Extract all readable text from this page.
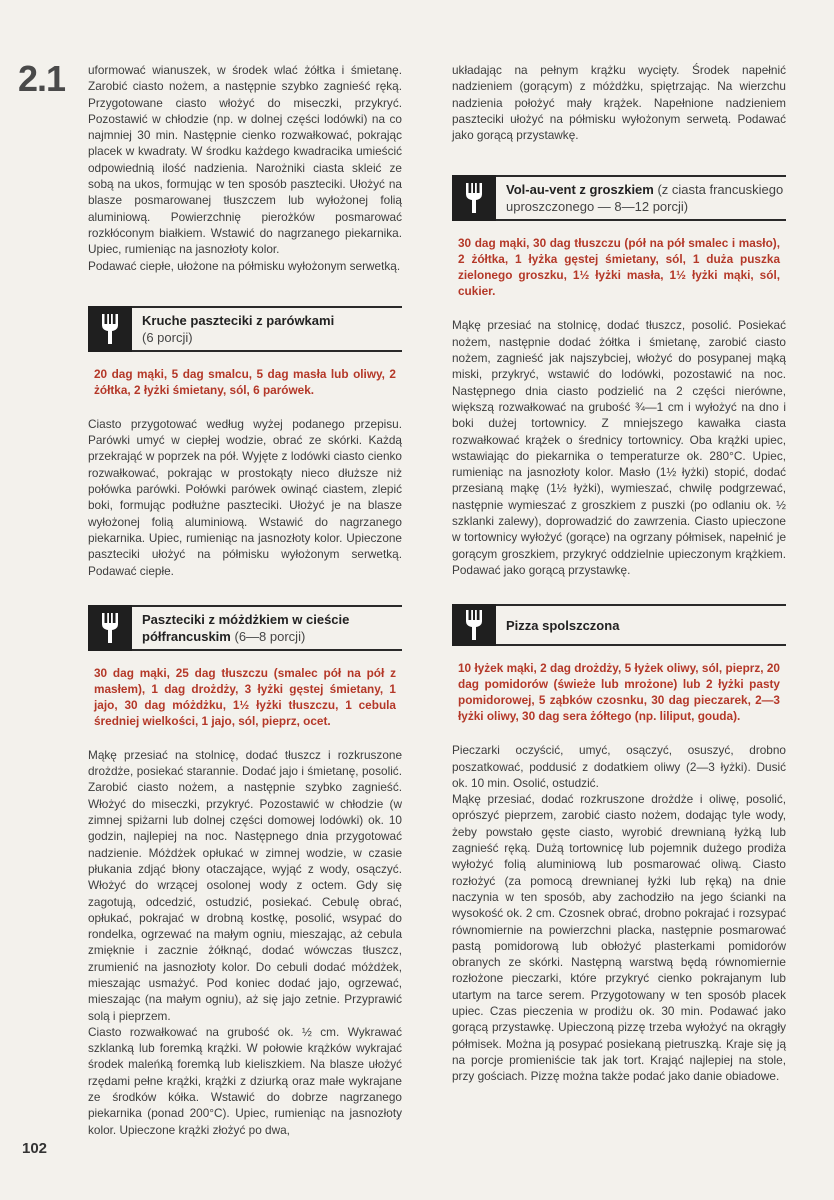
2.1
102

uformować wianuszek, w środek wlać żółtka i śmietanę. Zarobić ciasto nożem, a następnie szybko zagnieść ręką. Przygotowane ciasto włożyć do miseczki, przykryć. Pozostawić w chłodzie (np. w dolnej części lodówki) na co najmniej 30 min. Następnie cienko rozwałkować, pokrając placek w kwadraty. W środku każdego kwadracika umieścić odpowiednią ilość nadzienia. Narożniki ciasta skleić ze sobą na ukos, formując w ten sposób paszteciki. Ułożyć na blasze posmarowanej tłuszczem lub wyłożonej folią aluminiową. Powierzchnię pierożków posmarować rozkłóconym białkiem. Wstawić do nagrzanego piekarnika. Upiec, rumieniąc na jasnozłoty kolor.

Podawać ciepłe, ułożone na półmisku wyłożonym serwetką.

Kruche paszteciki z parówkami
(6 porcji)

20 dag mąki, 5 dag smalcu, 5 dag masła lub oliwy, 2 żółtka, 2 łyżki śmietany, sól, 6 parówek.

Ciasto przygotować według wyżej podanego przepisu. Parówki umyć w ciepłej wodzie, obrać ze skórki. Każdą przekrająć w poprzek na pół. Wyjęte z lodówki ciasto cienko rozwałkować, pokrając w prostokąty nieco dłuższe niż połówka parówki. Połówki parówek owinąć ciastem, zlepić boki, formując podłużne paszteciki. Ułożyć je na blasze wyłożonej folią aluminiową. Wstawić do nagrzanego piekarnika. Upiec, rumieniąc na jasnozłoty kolor. Upieczone paszteciki ułożyć na półmisku wyłożonym serwetką. Podawać ciepłe.

Paszteciki z móżdżkiem w cieście półfrancuskim (6—8 porcji)

30 dag mąki, 25 dag tłuszczu (smalec pół na pół z masłem), 1 dag drożdży, 3 łyżki gęstej śmietany, 1 jajo, 30 dag móżdżku, 1½ łyżki tłuszczu, 1 cebula średniej wielkości, 1 jajo, sól, pieprz, ocet.

Mąkę przesiać na stolnicę, dodać tłuszcz i rozkruszone drożdże, posiekać starannie. Dodać jajo i śmietanę, posolić. Zarobić ciasto nożem, a następnie szybko zagnieść. Włożyć do miseczki, przykryć. Pozostawić w chłodzie (w zimnej spiżarni lub dolnej części domowej lodówki) ok. 10 godzin, najlepiej na noc. Następnego dnia przygotować nadzienie. Móżdżek opłukać w zimnej wodzie, w czasie płukania zdjąć błony otaczające, wyjąć z wody, osączyć. Włożyć do wrzącej osolonej wody z octem. Gdy się zagotują, odcedzić, ostudzić, posiekać. Cebulę obrać, opłukać, pokrajać w drobną kostkę, posolić, wsypać do rondelka, ogrzewać na małym ogniu, mieszając, aż cebula zmięknie i zacznie żółknąć, dodać wówczas tłuszcz, zrumienić na jasnozłoty kolor. Do cebuli dodać móżdżek, mieszając usmażyć. Pod koniec dodać jajo, ogrzewać, mieszając (na małym ogniu), aż się jajo zetnie. Przyprawić solą i pieprzem.

Ciasto rozwałkować na grubość ok. ½ cm. Wykrawać szklanką lub foremką krążki. W połowie krążków wykrajać środek maleńką foremką lub kieliszkiem. Na blasze ułożyć rzędami pełne krążki, krążki z dziurką oraz małe wykrajane ze środków kółka. Wstawić do dobrze nagrzanego piekarnika (ponad 200°C). Upiec, rumieniąc na jasnozłoty kolor. Upieczone krążki złożyć po dwa,

układając na pełnym krążku wycięty. Środek napełnić nadzieniem (gorącym) z móżdżku, spiętrzając. Na wierzchu nadzienia położyć mały krążek. Napełnione nadzieniem paszteciki ułożyć na półmisku wyłożonym serwetą. Podawać jako gorącą przystawkę.

Vol-au-vent z groszkiem (z ciasta francuskiego uproszczonego — 8—12 porcji)

30 dag mąki, 30 dag tłuszczu (pół na pół smalec i masło), 2 żółtka, 1 łyżka gęstej śmietany, sól, 1 duża puszka zielonego groszku, 1½ łyżki masła, 1½ łyżki mąki, sól, cukier.

Mąkę przesiać na stolnicę, dodać tłuszcz, posolić. Posiekać nożem, następnie dodać żółtka i śmietanę, zarobić ciasto nożem, zagnieść jak najszybciej, włożyć do posypanej mąką miski, przykryć, wstawić do lodówki, pozostawić na noc. Następnego dnia ciasto podzielić na 2 części nierówne, większą rozwałkować na grubość ¾—1 cm i wyłożyć na dno i boki dużej tortownicy. Z mniejszego kawałka ciasta rozwałkować krążek o średnicy tortownicy. Oba krążki upiec, wstawiając do piekarnika o temperaturze ok. 280°C. Upiec, rumieniąc na jasnozłoty kolor. Masło (1½ łyżki) stopić, dodać przesianą mąkę (1½ łyżki), wymieszać, chwilę podgrzewać, następnie wymieszać z groszkiem z puszki (po odlaniu ok. ½ szklanki zalewy), doprowadzić do zawrzenia. Ciasto upieczone w tortownicy wyłożyć (gorące) na ogrzany półmisek, napełnić je gorącym groszkiem, przykryć oddzielnie upieczonym krążkiem. Podawać jako gorącą przystawkę.

Pizza spolszczona

10 łyżek mąki, 2 dag drożdży, 5 łyżek oliwy, sól, pieprz, 20 dag pomidorów (świeże lub mrożone) lub 2 łyżki pasty pomidorowej, 5 ząbków czosnku, 30 dag pieczarek, 2—3 łyżki oliwy, 30 dag sera żółtego (np. liliput, gouda).

Pieczarki oczyścić, umyć, osączyć, osuszyć, drobno poszatkować, poddusić z dodatkiem oliwy (2—3 łyżki). Dusić ok. 10 min. Osolić, ostudzić.

Mąkę przesiać, dodać rozkruszone drożdże i oliwę, posolić, oprószyć pieprzem, zarobić ciasto nożem, dodając tyle wody, żeby powstało gęste ciasto, wyrobić drewnianą łyżką lub zagnieść ręką. Dużą tortownicę lub pojemnik dużego prodiża wyłożyć folią aluminiową lub posmarować oliwą. Ciasto rozłożyć (za pomocą drewnianej łyżki lub ręką) na dnie naczynia w ten sposób, aby zachodziło na jego ścianki na wysokość ok. 2 cm. Czosnek obrać, drobno pokrajać i rozsypać równomiernie na powierzchni placka, następnie posmarować pastą pomidorową lub obłożyć plasterkami pomidorów obranych ze skórki. Następną warstwą będą równomiernie rozłożone pieczarki, które przykryć cienko pokrajanym lub utartym na tarce serem. Przygotowany w ten sposób placek upiec. Czas pieczenia w prodiżu ok. 30 min. Podawać jako gorącą przystawkę. Upieczoną pizzę trzeba wyłożyć na okrągły półmisek. Można ją posypać posiekaną pietruszką. Kraje się ją na porcje promieniście tak jak tort. Krająć najlepiej na stole, przy gościach. Pizzę można także podać jako danie obiadowe.
